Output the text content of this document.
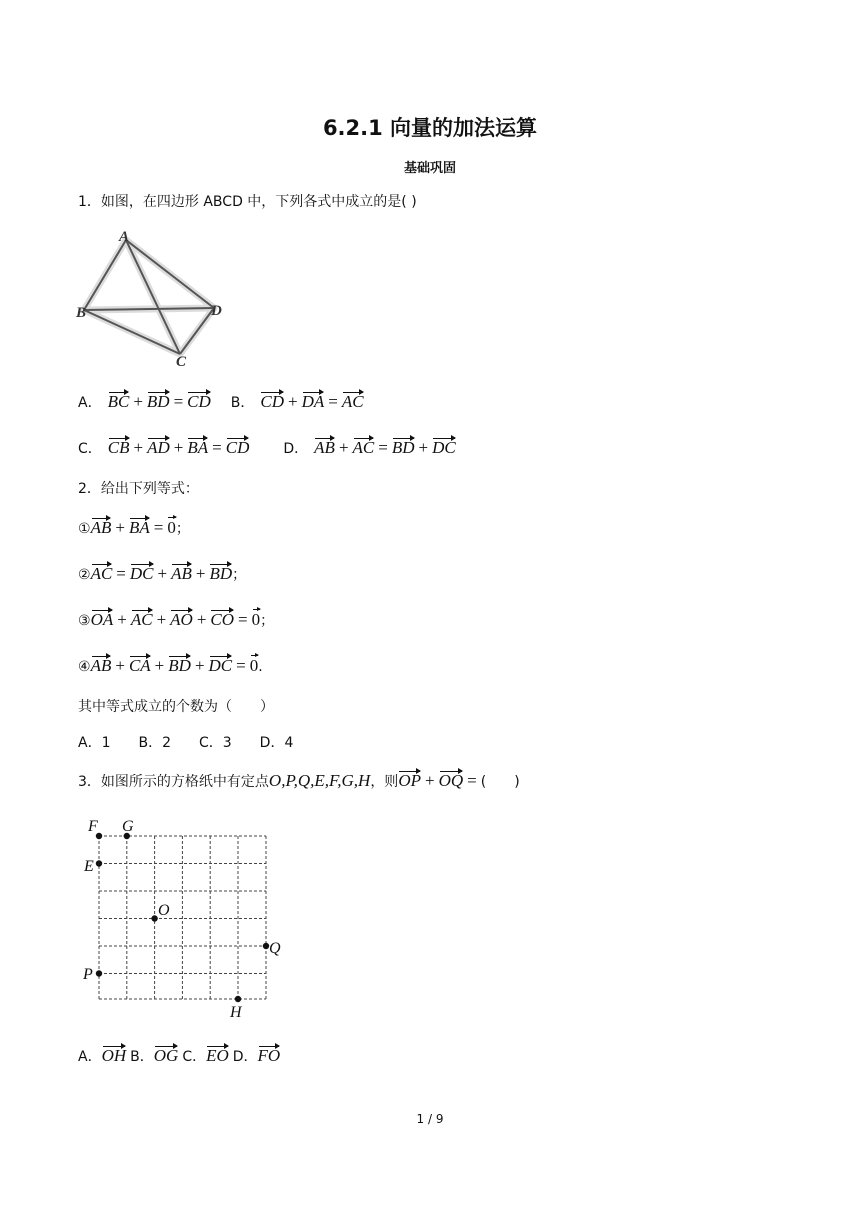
6.2.1 向量的加法运算
基础巩固
1．如图，在四边形 ABCD 中，下列各式中成立的是( )
A
B
C
D
A． BC + BD = CD B． CD + DA = AC
C． CB + AD + BA = CD D． AB + AC = BD + DC
2．给出下列等式：
①AB + BA = 0；
②AC = DC + AB + BD；
③OA + AC + AO + CO = 0；
④AB + CA + BD + DC = 0.
其中等式成立的个数为（　　）
A．1　　B．2　　C．3　　D．4
3．如图所示的方格纸中有定点O,P,Q,E,F,G,H，则OP + OQ = (　　)
F G
E
O
Q
P
H
A．OH B．OG C．EO D．FO
1 / 9
